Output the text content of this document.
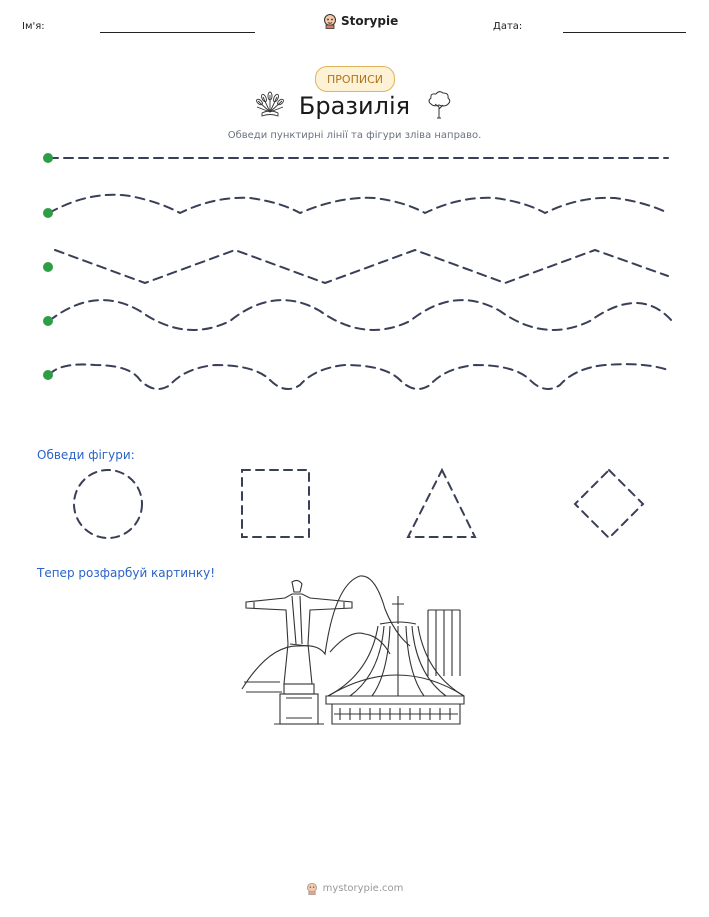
Ім'я:	Storypie	Дата:
ПРОПИСИ
Бразилія
Обведи пунктирні лінії та фігури зліва направо.
Обведи фігури:
Тепер розфарбуй картинку!
mystorypie.com
